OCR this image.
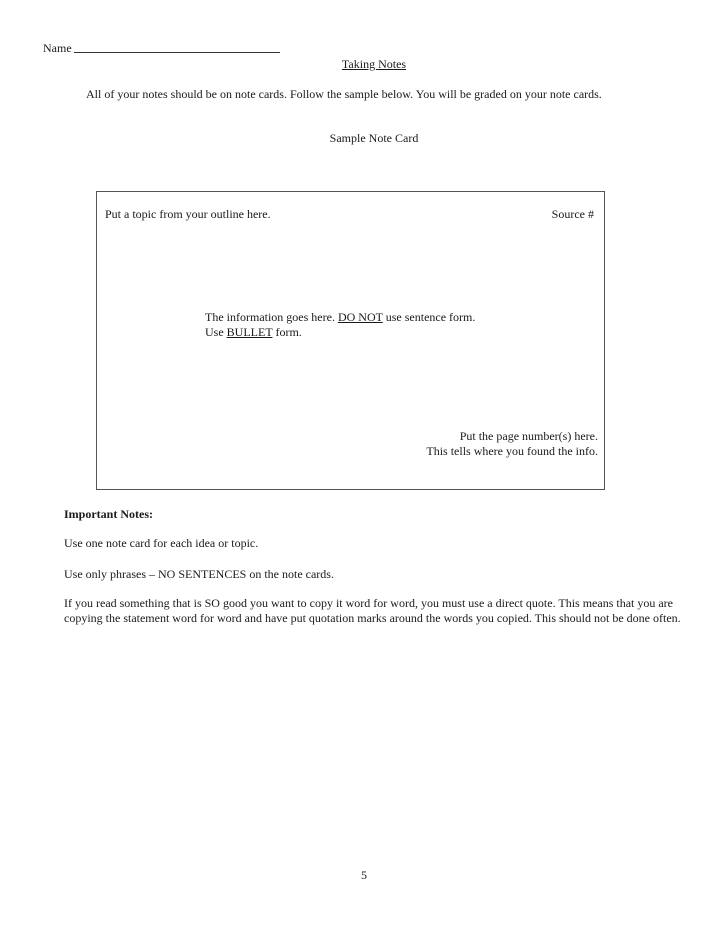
Name
Taking Notes
All of your notes should be on note cards. Follow the sample below. You will be graded on your note cards.
Sample Note Card
Put a topic from your outline here.	Source #
The information goes here. DO NOT use sentence form. Use BULLET form.
Put the page number(s) here.
This tells where you found the info.
Important Notes:
Use one note card for each idea or topic.
Use only phrases – NO SENTENCES on the note cards.
If you read something that is SO good you want to copy it word for word, you must use a direct quote. This means that you are copying the statement word for word and have put quotation marks around the words you copied. This should not be done often.
5
